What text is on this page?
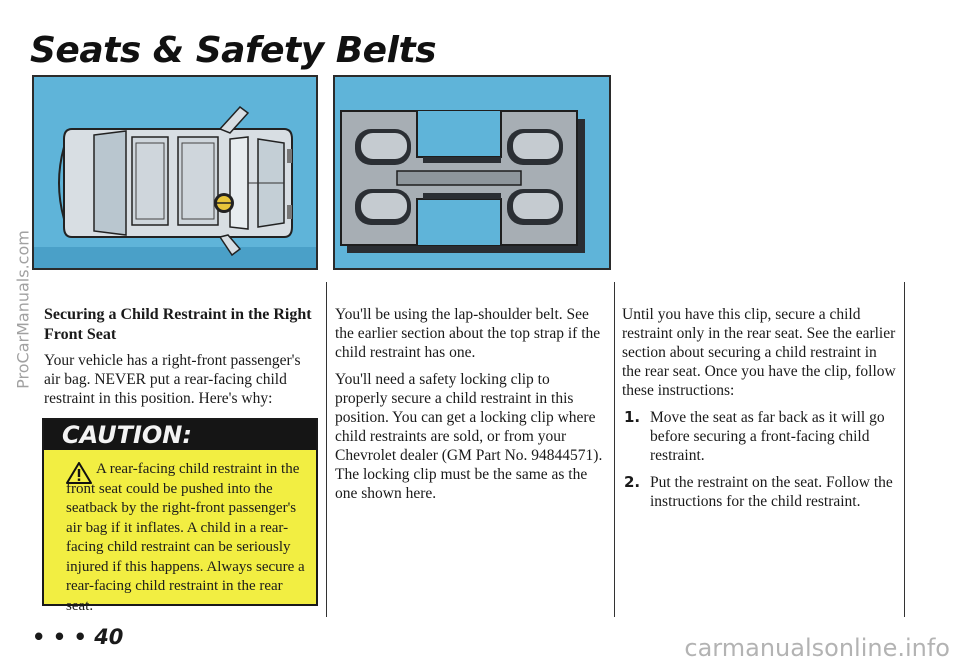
Seats & Safety Belts
Securing a Child Restraint in the Right Front Seat

Your vehicle has a right-front passenger's air bag. NEVER put a rear-facing child restraint in this position. Here's why:

CAUTION:
A rear-facing child restraint in the front seat could be pushed into the seatback by the right-front passenger's air bag if it inflates. A child in a rear-facing child restraint can be seriously injured if this happens. Always secure a rear-facing child restraint in the rear seat.

You'll be using the lap-shoulder belt. See the earlier section about the top strap if the child restraint has one.

You'll need a safety locking clip to properly secure a child restraint in this position. You can get a locking clip where child restraints are sold, or from your Chevrolet dealer (GM Part No. 94844571). The locking clip must be the same as the one shown here.

Until you have this clip, secure a child restraint only in the rear seat. See the earlier section about securing a child restraint in the rear seat. Once you have the clip, follow these instructions:

1. Move the seat as far back as it will go before securing a front-facing child restraint.
2. Put the restraint on the seat. Follow the instructions for the child restraint.
• • • 40
ProCarManuals.com
carmanualsonline.info
